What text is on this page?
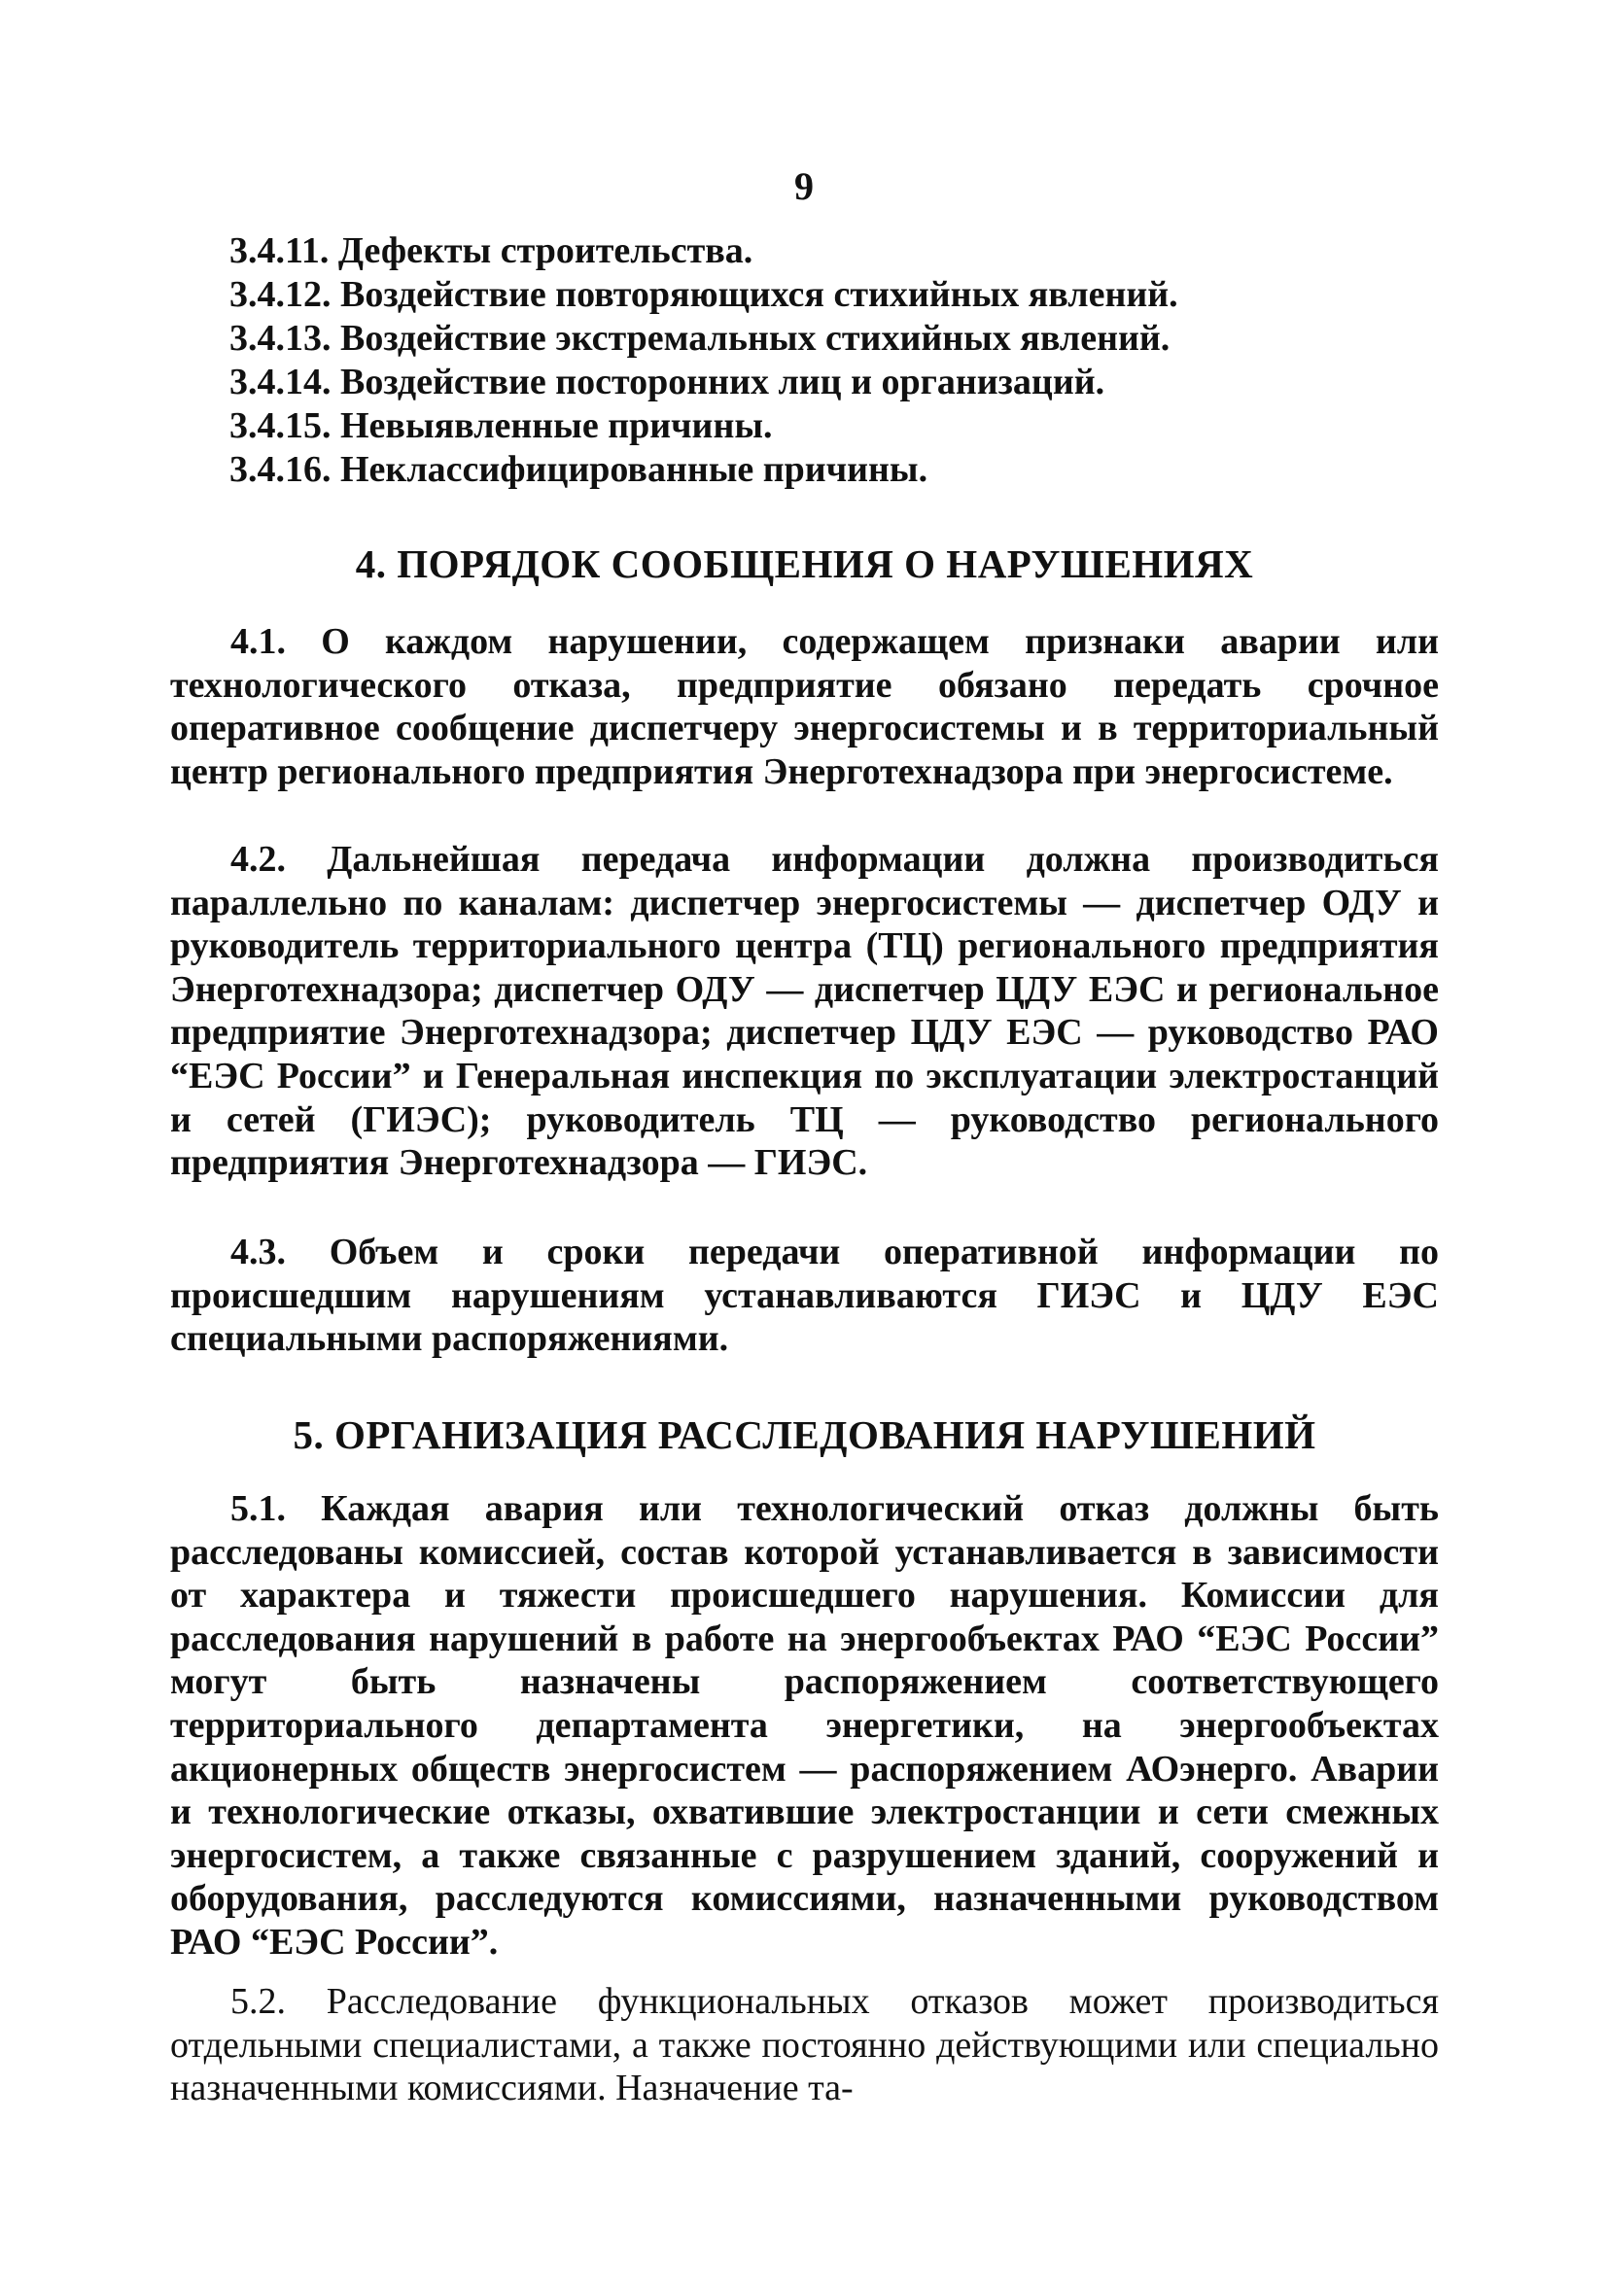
9
3.4.11. Дефекты строительства.
3.4.12. Воздействие повторяющихся стихийных явлений.
3.4.13. Воздействие экстремальных стихийных явлений.
3.4.14. Воздействие посторонних лиц и организаций.
3.4.15. Невыявленные причины.
3.4.16. Неклассифицированные причины.
4. ПОРЯДОК СООБЩЕНИЯ О НАРУШЕНИЯХ

4.1. О каждом нарушении, содержащем признаки аварии или технологического отказа, предприятие обязано передать срочное оперативное сообщение диспетчеру энергосистемы и в территориальный центр регионального предприятия Энерготехнадзора при энергосистеме.

4.2. Дальнейшая передача информации должна производиться параллельно по каналам: диспетчер энергосистемы — диспетчер ОДУ и руководитель территориального центра (ТЦ) регионального предприятия Энерготехнадзора; диспетчер ОДУ — диспетчер ЦДУ ЕЭС и региональное предприятие Энерготехнадзора; диспетчер ЦДУ ЕЭС — руководство РАО “ЕЭС России” и Генеральная инспекция по эксплуатации электростанций и сетей (ГИЭС); руководитель ТЦ — руководство регионального предприятия Энерготехнадзора — ГИЭС.

4.3. Объем и сроки передачи оперативной информации по происшедшим нарушениям устанавливаются ГИЭС и ЦДУ ЕЭС специальными распоряжениями.

5. ОРГАНИЗАЦИЯ РАССЛЕДОВАНИЯ НАРУШЕНИЙ

5.1. Каждая авария или технологический отказ должны быть расследованы комиссией, состав которой устанавливается в зависимости от характера и тяжести происшедшего нарушения. Комиссии для расследования нарушений в работе на энергообъектах РАО “ЕЭС России” могут быть назначены распоряжением соответствующего территориального департамента энергетики, на энергообъектах акционерных обществ энергосистем — распоряжением АОэнерго. Аварии и технологические отказы, охватившие электростанции и сети смежных энергосистем, а также связанные с разрушением зданий, сооружений и оборудования, расследуются комиссиями, назначенными руководством РАО “ЕЭС России”.

5.2. Расследование функциональных отказов может производиться отдельными специалистами, а также постоянно действующими или специально назначенными комиссиями. Назначение та-
